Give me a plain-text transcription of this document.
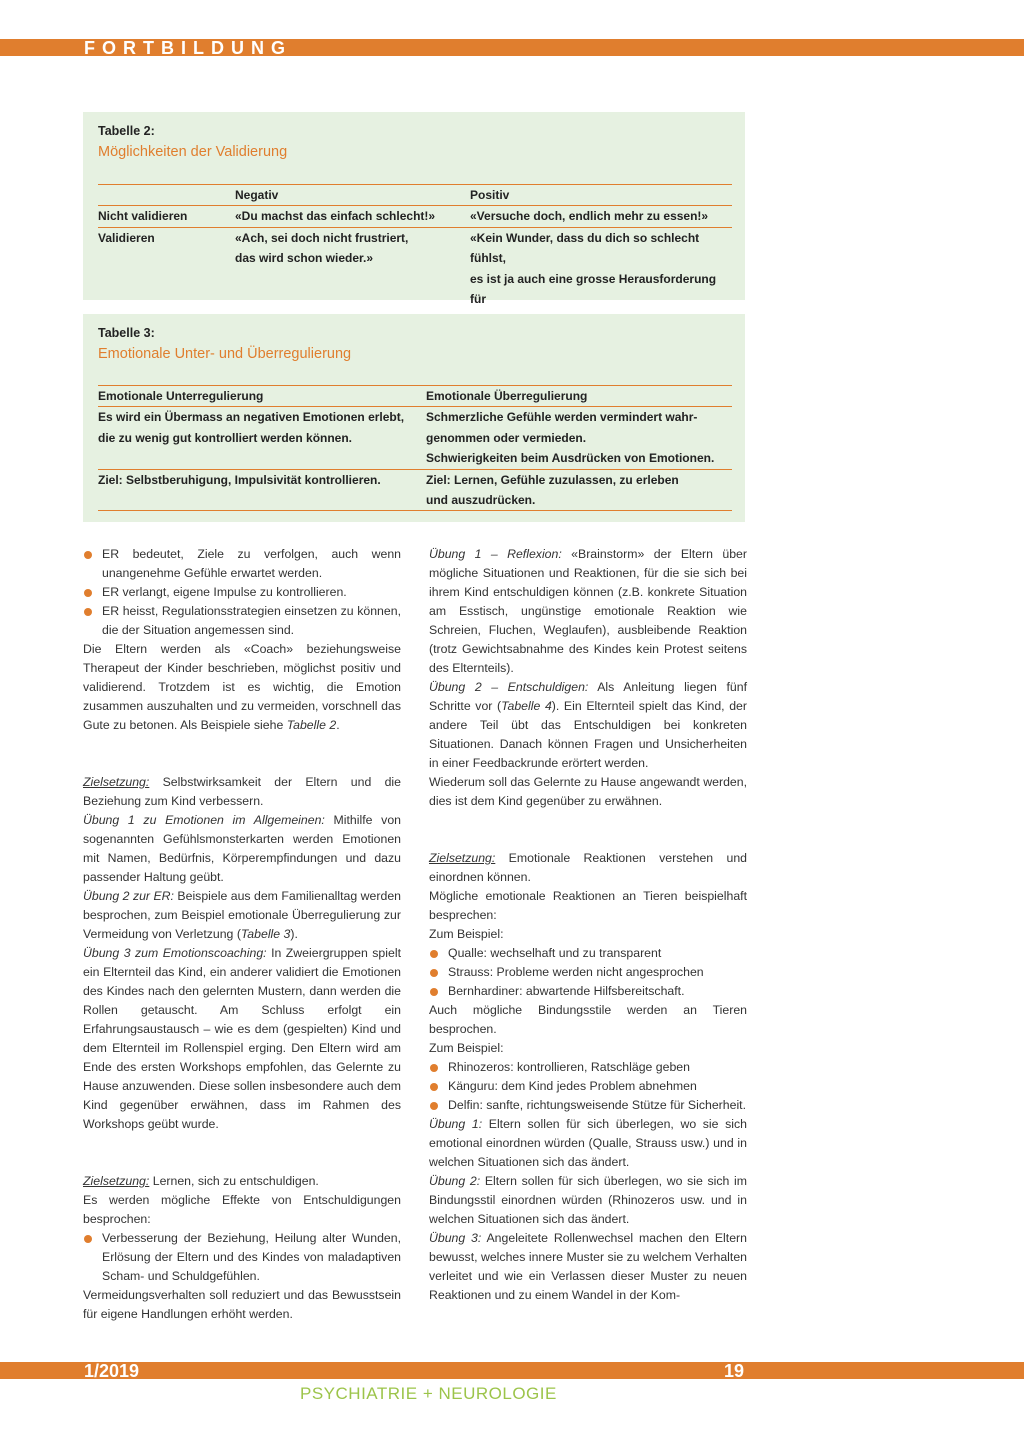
FORTBILDUNG
Tabelle 2:
Möglichkeiten der Validierung
	Negativ	Positiv
Nicht validieren	«Du machst das einfach schlecht!»	«Versuche doch, endlich mehr zu essen!»
Validieren	«Ach, sei doch nicht frustriert,
das wird schon wieder.»	«Kein Wunder, dass du dich so schlecht fühlst,
es ist ja auch eine grosse Herausforderung für

Tabelle 3:
Emotionale Unter- und Überregulierung
Emotionale Unterregulierung	Emotionale Überregulierung
Es wird ein Übermass an negativen Emotionen erlebt,
die zu wenig gut kontrolliert werden können.	Schmerzliche Gefühle werden vermindert wahr-
genommen oder vermieden.
Schwierigkeiten beim Ausdrücken von Emotionen.
Ziel: Selbstberuhigung, Impulsivität kontrollieren.	Ziel: Lernen, Gefühle zuzulassen, zu erleben
und auszudrücken.
ER bedeutet, Ziele zu verfolgen, auch wenn unangenehme Gefühle erwartet werden.
ER verlangt, eigene Impulse zu kontrollieren.
ER heisst, Regulationsstrategien einsetzen zu können, die der Situation angemessen sind.

Die Eltern werden als «Coach» beziehungsweise Therapeut der Kinder beschrieben, möglichst positiv und validierend. Trotzdem ist es wichtig, die Emotion zusammen auszuhalten und zu vermeiden, vorschnell das Gute zu betonen. Als Beispiele siehe Tabelle 2.

Zielsetzung: Selbstwirksamkeit der Eltern und die Beziehung zum Kind verbessern.

Übung 1 zu Emotionen im Allgemeinen: Mithilfe von sogenannten Gefühlsmonsterkarten werden Emotionen mit Namen, Bedürfnis, Körperempfindungen und dazu passender Haltung geübt.

Übung 2 zur ER: Beispiele aus dem Familienalltag werden besprochen, zum Beispiel emotionale Überregulierung zur Vermeidung von Verletzung (Tabelle 3).

Übung 3 zum Emotionscoaching: In Zweiergruppen spielt ein Elternteil das Kind, ein anderer validiert die Emotionen des Kindes nach den gelernten Mustern, dann werden die Rollen getauscht. Am Schluss erfolgt ein Erfahrungsaustausch – wie es dem (gespielten) Kind und dem Elternteil im Rollenspiel erging. Den Eltern wird am Ende des ersten Workshops empfohlen, das Gelernte zu Hause anzuwenden. Diese sollen insbesondere auch dem Kind gegenüber erwähnen, dass im Rahmen des Workshops geübt wurde.

Zielsetzung: Lernen, sich zu entschuldigen.

Es werden mögliche Effekte von Entschuldigungen besprochen:

Verbesserung der Beziehung, Heilung alter Wunden, Erlösung der Eltern und des Kindes von maladaptiven Scham- und Schuldgefühlen.

Vermeidungsverhalten soll reduziert und das Bewusstsein für eigene Handlungen erhöht werden.

Übung 1 – Reflexion: «Brainstorm» der Eltern über mögliche Situationen und Reaktionen, für die sie sich bei ihrem Kind entschuldigen können (z.B. konkrete Situation am Esstisch, ungünstige emotionale Reaktion wie Schreien, Fluchen, Weglaufen), ausbleibende Reaktion (trotz Gewichtsabnahme des Kindes kein Protest seitens des Elternteils).

Übung 2 – Entschuldigen: Als Anleitung liegen fünf Schritte vor (Tabelle 4). Ein Elternteil spielt das Kind, der andere Teil übt das Entschuldigen bei konkreten Situationen. Danach können Fragen und Unsicherheiten in einer Feedbackrunde erörtert werden.

Wiederum soll das Gelernte zu Hause angewandt werden, dies ist dem Kind gegenüber zu erwähnen.

Zielsetzung: Emotionale Reaktionen verstehen und einordnen können.

Mögliche emotionale Reaktionen an Tieren beispielhaft besprechen:

Zum Beispiel:

Qualle: wechselhaft und zu transparent
Strauss: Probleme werden nicht angesprochen
Bernhardiner: abwartende Hilfsbereitschaft.

Auch mögliche Bindungsstile werden an Tieren besprochen.

Zum Beispiel:

Rhinozeros: kontrollieren, Ratschläge geben
Känguru: dem Kind jedes Problem abnehmen
Delfin: sanfte, richtungsweisende Stütze für Sicherheit.

Übung 1: Eltern sollen für sich überlegen, wo sie sich emotional einordnen würden (Qualle, Strauss usw.) und in welchen Situationen sich das ändert.

Übung 2: Eltern sollen für sich überlegen, wo sie sich im Bindungsstil einordnen würden (Rhinozeros usw. und in welchen Situationen sich das ändert.

Übung 3: Angeleitete Rollenwechsel machen den Eltern bewusst, welches innere Muster sie zu welchem Verhalten verleitet und wie ein Verlassen dieser Muster zu neuen Reaktionen und zu einem Wandel in der Kom-

1/2019	19
PSYCHIATRIE + NEUROLOGIE
